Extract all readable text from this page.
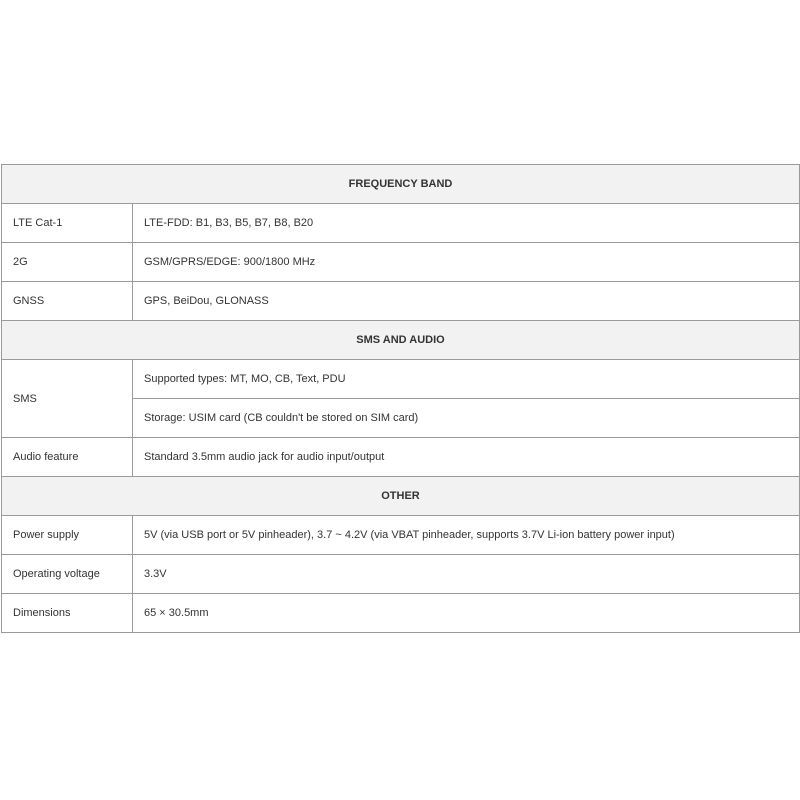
FREQUENCY BAND	
LTE Cat-1	LTE-FDD: B1, B3, B5, B7, B8, B20
2G	GSM/GPRS/EDGE: 900/1800 MHz
GNSS	GPS, BeiDou, GLONASS
SMS AND AUDIO	
SMS	Supported types: MT, MO, CB, Text, PDU
	Storage: USIM card (CB couldn't be stored on SIM card)
Audio feature	Standard 3.5mm audio jack for audio input/output
OTHER	
Power supply	5V (via USB port or 5V pinheader), 3.7 ~ 4.2V (via VBAT pinheader, supports 3.7V Li-ion battery power input)
Operating voltage	3.3V
Dimensions	65 × 30.5mm
